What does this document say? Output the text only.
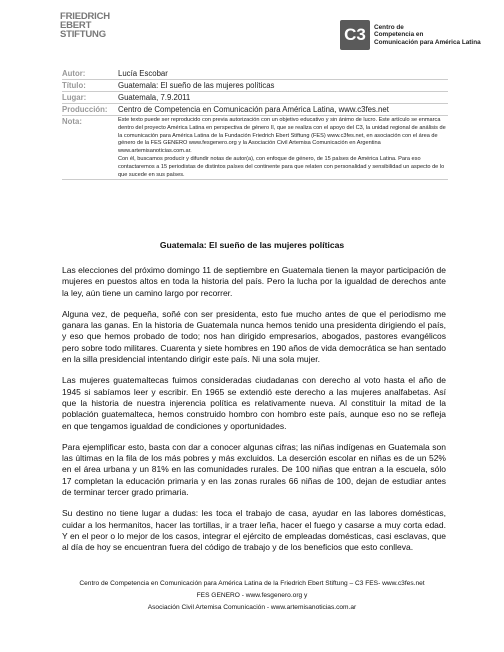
FRIEDRICH
EBERT
STIFTUNG	C3	Centro de
Competencia en
Comunicación para América Latina
Autor:	Lucía Escobar
Título:	Guatemala: El sueño de las mujeres políticas
Lugar:	Guatemala, 7.9.2011
Producción:	Centro de Competencia en Comunicación para América Latina, www.c3fes.net
Nota:	Este texto puede ser reproducido con previa autorización con un objetivo educativo y sin ánimo de lucro. Este artículo se enmarca dentro del proyecto América Latina en perspectiva de género II, que se realiza con el apoyo del C3, la unidad regional de análisis de la comunicación para América Latina de la Fundación Friedrich Ebert Stiftung (FES) www.c3fes.net, en asociación con el área de género de la FES GENERO www.fesgenero.org y la Asociación Civil Artemisa Comunicación en Argentina www.artemisanoticias.com.ar.
Con él, buscamos producir y difundir notas de autor(a), con enfoque de género, de 15 países de América Latina. Para eso contactaremos a 15 periodistas de distintos países del continente para que relaten con personalidad y sensibilidad un aspecto de lo que sucede en sus países.
Guatemala: El sueño de las mujeres políticas

Las elecciones del próximo domingo 11 de septiembre en Guatemala tienen la mayor participación de mujeres en puestos altos en toda la historia del país. Pero la lucha por la igualdad de derechos ante la ley, aún tiene un camino largo por recorrer.

Alguna vez, de pequeña, soñé con ser presidenta, esto fue mucho antes de que el periodismo me ganara las ganas. En la historia de Guatemala nunca hemos tenido una presidenta dirigiendo el país, y eso que hemos probado de todo; nos han dirigido empresarios, abogados, pastores evangélicos pero sobre todo militares. Cuarenta y siete hombres en 190 años de vida democrática se han sentado en la silla presidencial intentando dirigir este país. Ni una sola mujer.

Las mujeres guatemaltecas fuimos consideradas ciudadanas con derecho al voto hasta el año de 1945 si sabíamos leer y escribir. En 1965 se extendió este derecho a las mujeres analfabetas. Así que la historia de nuestra injerencia política es relativamente nueva. Al constituir la mitad de la población guatemalteca, hemos construido hombro con hombro este país, aunque eso no se refleja en que tengamos igualdad de condiciones y oportunidades.

Para ejemplificar esto, basta con dar a conocer algunas cifras; las niñas indígenas en Guatemala son las últimas en la fila de los más pobres y más excluidos. La deserción escolar en niñas es de un 52% en el área urbana y un 81% en las comunidades rurales. De 100 niñas que entran a la escuela, sólo 17 completan la educación primaria y en las zonas rurales 66 niñas de 100, dejan de estudiar antes de terminar tercer grado primaria.

Su destino no tiene lugar a dudas: les toca el trabajo de casa, ayudar en las labores domésticas, cuidar a los hermanitos, hacer las tortillas, ir a traer leña, hacer el fuego y casarse a muy corta edad. Y en el peor o lo mejor de los casos, integrar el ejército de empleadas domésticas, casi esclavas, que al día de hoy se encuentran fuera del código de trabajo y de los beneficios que esto conlleva.

Centro de Competencia en Comunicación para América Latina de la Friedrich Ebert Stiftung – C3 FES- www.c3fes.net
FES GENERO - www.fesgenero.org y
Asociación Civil Artemisa Comunicación - www.artemisanoticias.com.ar
